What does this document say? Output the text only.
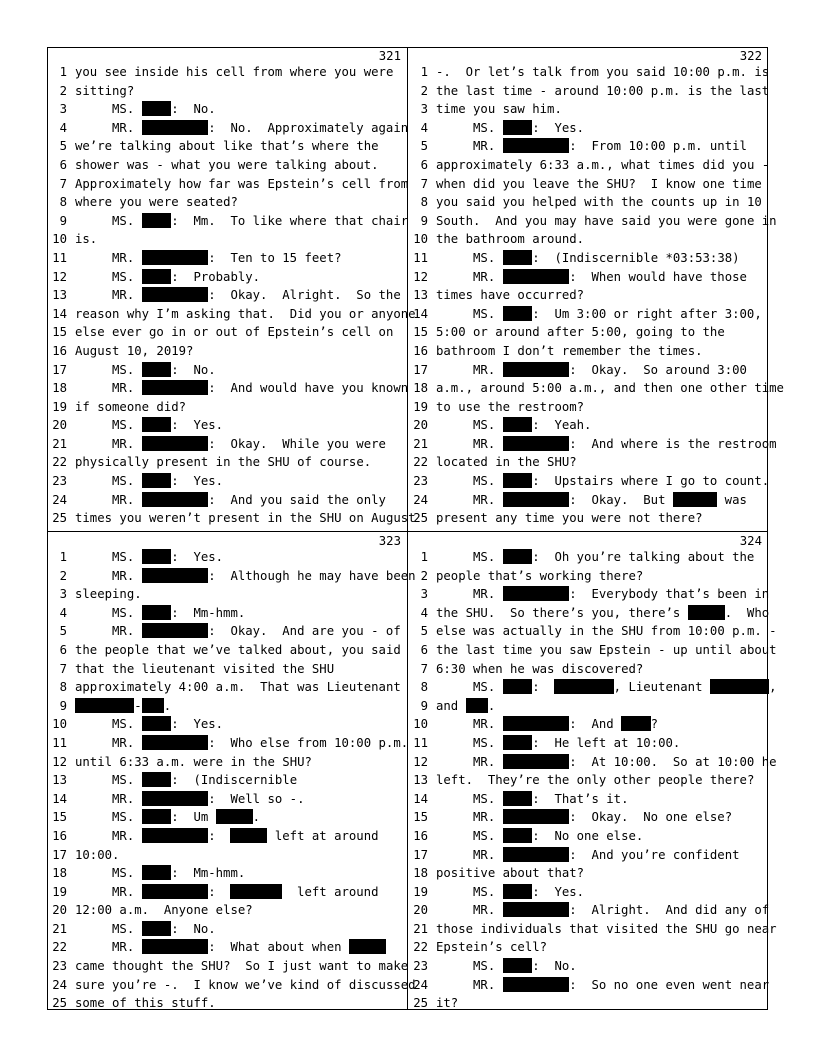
321
1 you see inside his cell from where you were
2 sitting?
3 MS. :  No.
4 MR.	:  No.  Approximately again
5 we’re talking about like that’s where the
6 shower was - what you were talking about.
7 Approximately how far was Epstein’s cell from
8 where you were seated?
9 MS. :  Mm.  To like where that chair
10 is.
11 MR.	:  Ten to 15 feet?
12 MS. :  Probably.
13 MR.	:  Okay.  Alright.  So the
14 reason why I’m asking that.  Did you or anyone
15 else ever go in or out of Epstein’s cell on
16 August 10, 2019?
17 MS. :  No.
18 MR.	:  And would have you known
19 if someone did?
20 MS. :  Yes.
21 MR.	:  Okay.  While you were
22 physically present in the SHU of course.
23 MS. :  Yes.
24 MR.	:  And you said the only
25 times you weren’t present in the SHU on August
322
1 -.  Or let’s talk from you said 10:00 p.m. is
2 the last time - around 10:00 p.m. is the last
3 time you saw him.
4 MS. :  Yes.
5 MR.	:  From 10:00 p.m. until
6 approximately 6:33 a.m., what times did you -
7 when did you leave the SHU?  I know one time
8 you said you helped with the counts up in 10
9 South.  And you may have said you were gone in
10 the bathroom around.
11 MS. :  (Indiscernible *03:53:38)
12 MR.	:  When would have those
13 times have occurred?
14 MS. :  Um 3:00 or right after 3:00,
15 5:00 or around after 5:00, going to the
16 bathroom I don’t remember the times.
17 MR.	:  Okay.  So around 3:00
18 a.m., around 5:00 a.m., and then one other time
19 to use the restroom?
20 MS. :  Yeah.
21 MR.	:  And where is the restroom
22 located in the SHU?
23 MS. :  Upstairs where I go to count.
24 MR.	:  Okay.  But	was
25 present any time you were not there?
323
1 MS. :  Yes.
2 MR.	:  Although he may have been
3 sleeping.
4 MS. :  Mm-hmm.
5 MR.	:  Okay.  And are you - of
6 the people that we’ve talked about, you said
7 that the lieutenant visited the SHU
8 approximately 4:00 a.m.  That was Lieutenant
9	- .
10 MS. :  Yes.
11 MR.	:  Who else from 10:00 p.m.
12 until 6:33 a.m. were in the SHU?
13 MS. :  (Indiscernible
14 MR.	:  Well so -.
15 MS. :  Um	.
16 MR.	:	left at around
17 10:00.
18 MS. :  Mm-hmm.
19 MR.	:	left around
20 12:00 a.m.  Anyone else?
21 MS. :  No.
22 MR.	:  What about when
23 came thought the SHU?  So I just want to make
24 sure you’re -.  I know we’ve kind of discussed
25 some of this stuff.
324
1 MS. :  Oh you’re talking about the
2 people that’s working there?
3 MR.	:  Everybody that’s been in
4 the SHU.  So there’s you, there’s	.  Who
5 else was actually in the SHU from 10:00 p.m. -
6 the last time you saw Epstein - up until about
7 6:30 when he was discovered?
8 MS. :	, Lieutenant	,
9 and .
10 MR.	:  And ?
11 MS. :  He left at 10:00.
12 MR.	:  At 10:00.  So at 10:00 he
13 left.  They’re the only other people there?
14 MS. :  That’s it.
15 MR.	:  Okay.  No one else?
16 MS. :  No one else.
17 MR.	:  And you’re confident
18 positive about that?
19 MS. :  Yes.
20 MR.	:  Alright.  And did any of
21 those individuals that visited the SHU go near
22 Epstein’s cell?
23 MS. :  No.
24 MR.	:  So no one even went near
25 it?
